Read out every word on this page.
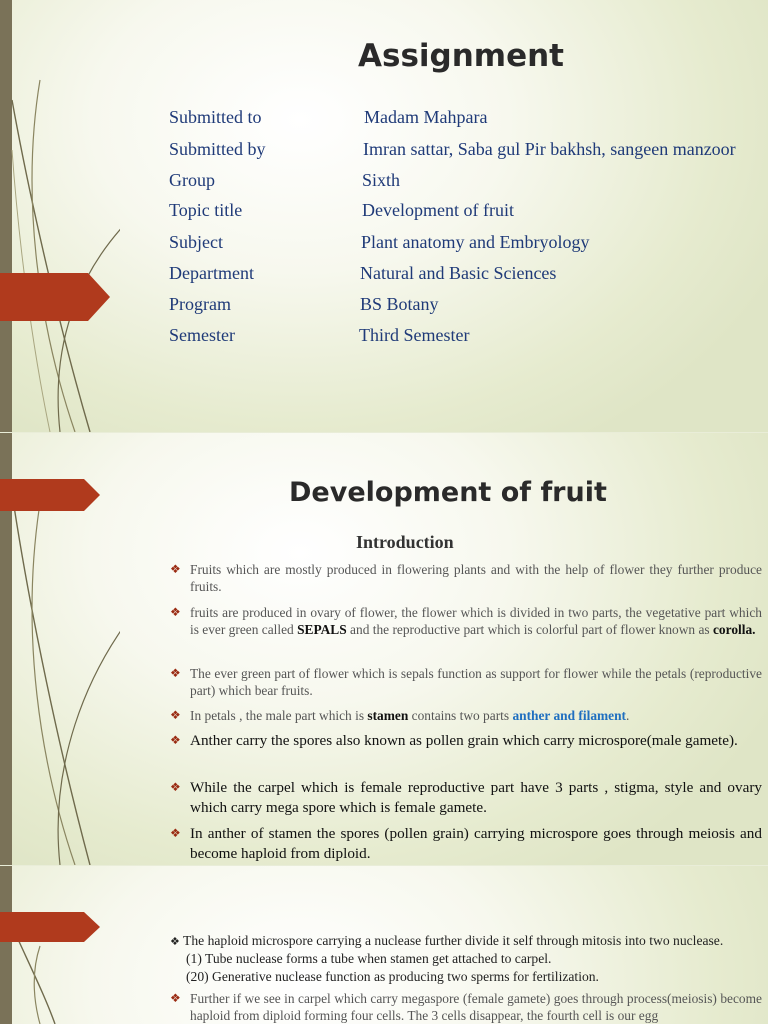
Assignment
Submitted to	Madam Mahpara
Submitted by	Imran sattar, Saba gul Pir bakhsh, sangeen manzoor
Group	Sixth
Topic title	Development of fruit
Subject	Plant anatomy and Embryology
Department	Natural and Basic Sciences
Program	BS Botany
Semester	Third Semester
Development of fruit
Introduction
❖ Fruits which are mostly produced in flowering plants and with the help of flower they further produce fruits.
❖ fruits are produced in ovary of flower, the flower which is divided in two parts, the vegetative part which is ever green called SEPALS and the reproductive part which is colorful part of flower known as corolla.
❖ The ever green part of flower which is sepals function as support for flower while the petals (reproductive part) which bear fruits.
❖ In petals , the male part which is stamen contains two parts anther and filament.
❖ Anther carry the spores also known as pollen grain which carry microspore(male gamete).
❖ While the carpel which is female reproductive part have 3 parts , stigma, style and ovary which carry mega spore which is female gamete.
❖ In anther of stamen the spores (pollen grain) carrying microspore goes through meiosis and become haploid from diploid.
❖ The haploid microspore carrying a nuclease further divide it self through mitosis into two nuclease.
(1) Tube nuclease forms a tube when stamen get attached to carpel.
(20) Generative nuclease function as producing two sperms for fertilization.
❖ Further if we see in carpel which carry megaspore (female gamete) goes through process(meiosis) become haploid from diploid forming four cells. The 3 cells disappear, the fourth cell is our egg
